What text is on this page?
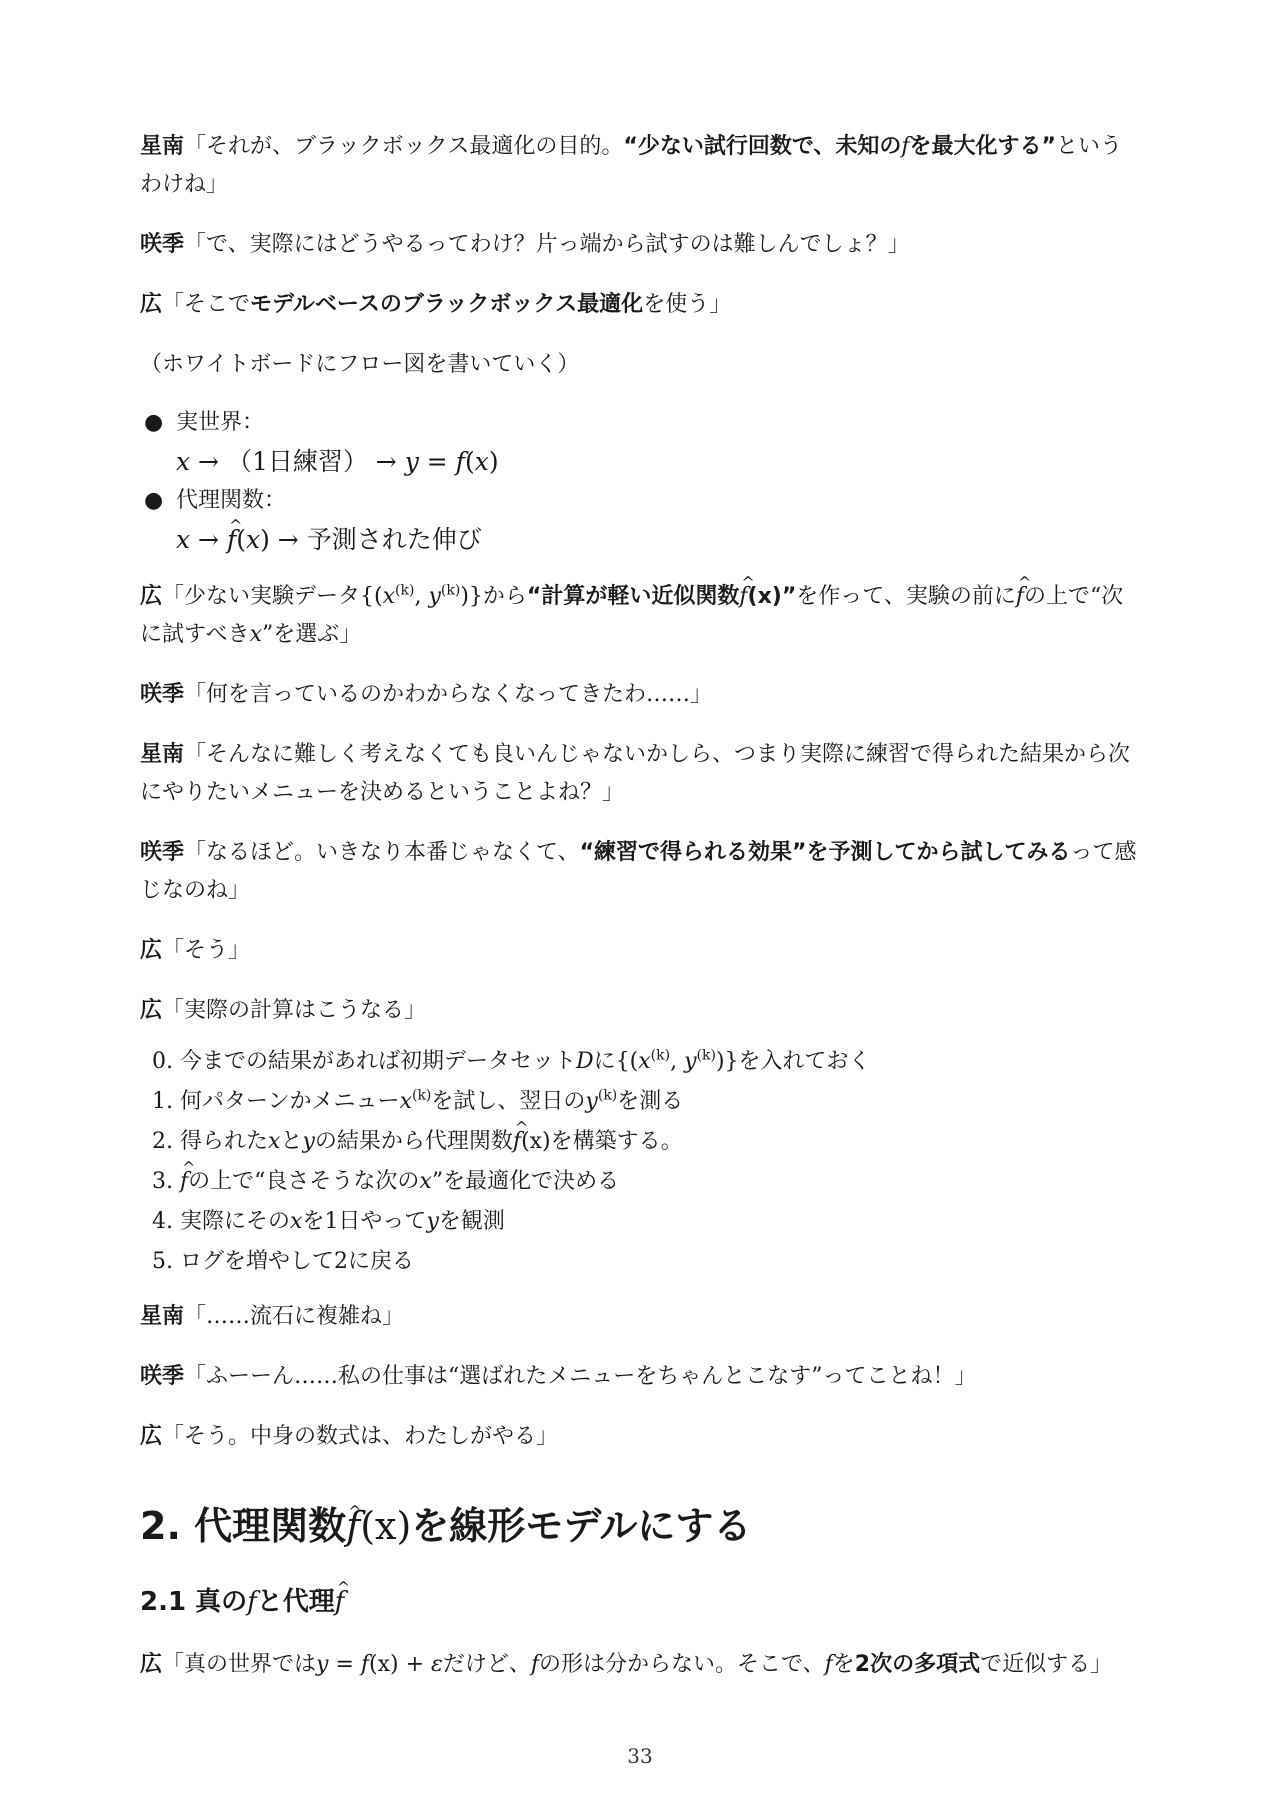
星南「それが、ブラックボックス最適化の目的。“少ない試行回数で、未知のfを最大化する”というわけね」

咲季「で、実際にはどうやるってわけ？片っ端から試すのは難しんでしょ？」

広「そこでモデルベースのブラックボックス最適化を使う」

（ホワイトボードにフロー図を書いていく）

● 実世界：
x → （1日練習） → y = f(x)
● 代理関数：
x → ^ f(x) → 予測された伸び

広「少ない実験データ{($x^{(k)}$, $y^{(k)}$)}から“計算が軽い近似関数^ f(x)”を作って、実験の前に^ fの上で“次に試すべきx”を選ぶ」

咲季「何を言っているのかわからなくなってきたわ……」

星南「そんなに難しく考えなくても良いんじゃないかしら、つまり実際に練習で得られた結果から次にやりたいメニューを決めるということよね？」

咲季「なるほど。いきなり本番じゃなくて、“練習で得られる効果”を予測してから試してみるって感じなのね」

広「そう」

広「実際の計算はこうなる」

0. 今までの結果があれば初期データセットDに{($x^{(k)}$, $y^{(k)}$)}を入れておく
1. 何パターンかメニュー$x^{(k)}$を試し、翌日の$y^{(k)}$を測る
2. 得られたxとyの結果から代理関数^ f(x)を構築する。
3. ^ fの上で“良さそうな次のx”を最適化で決める
4. 実際にそのxを1日やってyを観測
5. ログを増やして2に戻る

星南「……流石に複雑ね」

咲季「ふーーん……私の仕事は“選ばれたメニューをちゃんとこなす”ってことね！」

広「そう。中身の数式は、わたしがやる」

2. 代理関数^ f(x)を線形モデルにする
2.1 真のfと代理^ f

広「真の世界ではy = f(x) + εだけど、fの形は分からない。そこで、fを2次の多項式で近似する」

33
